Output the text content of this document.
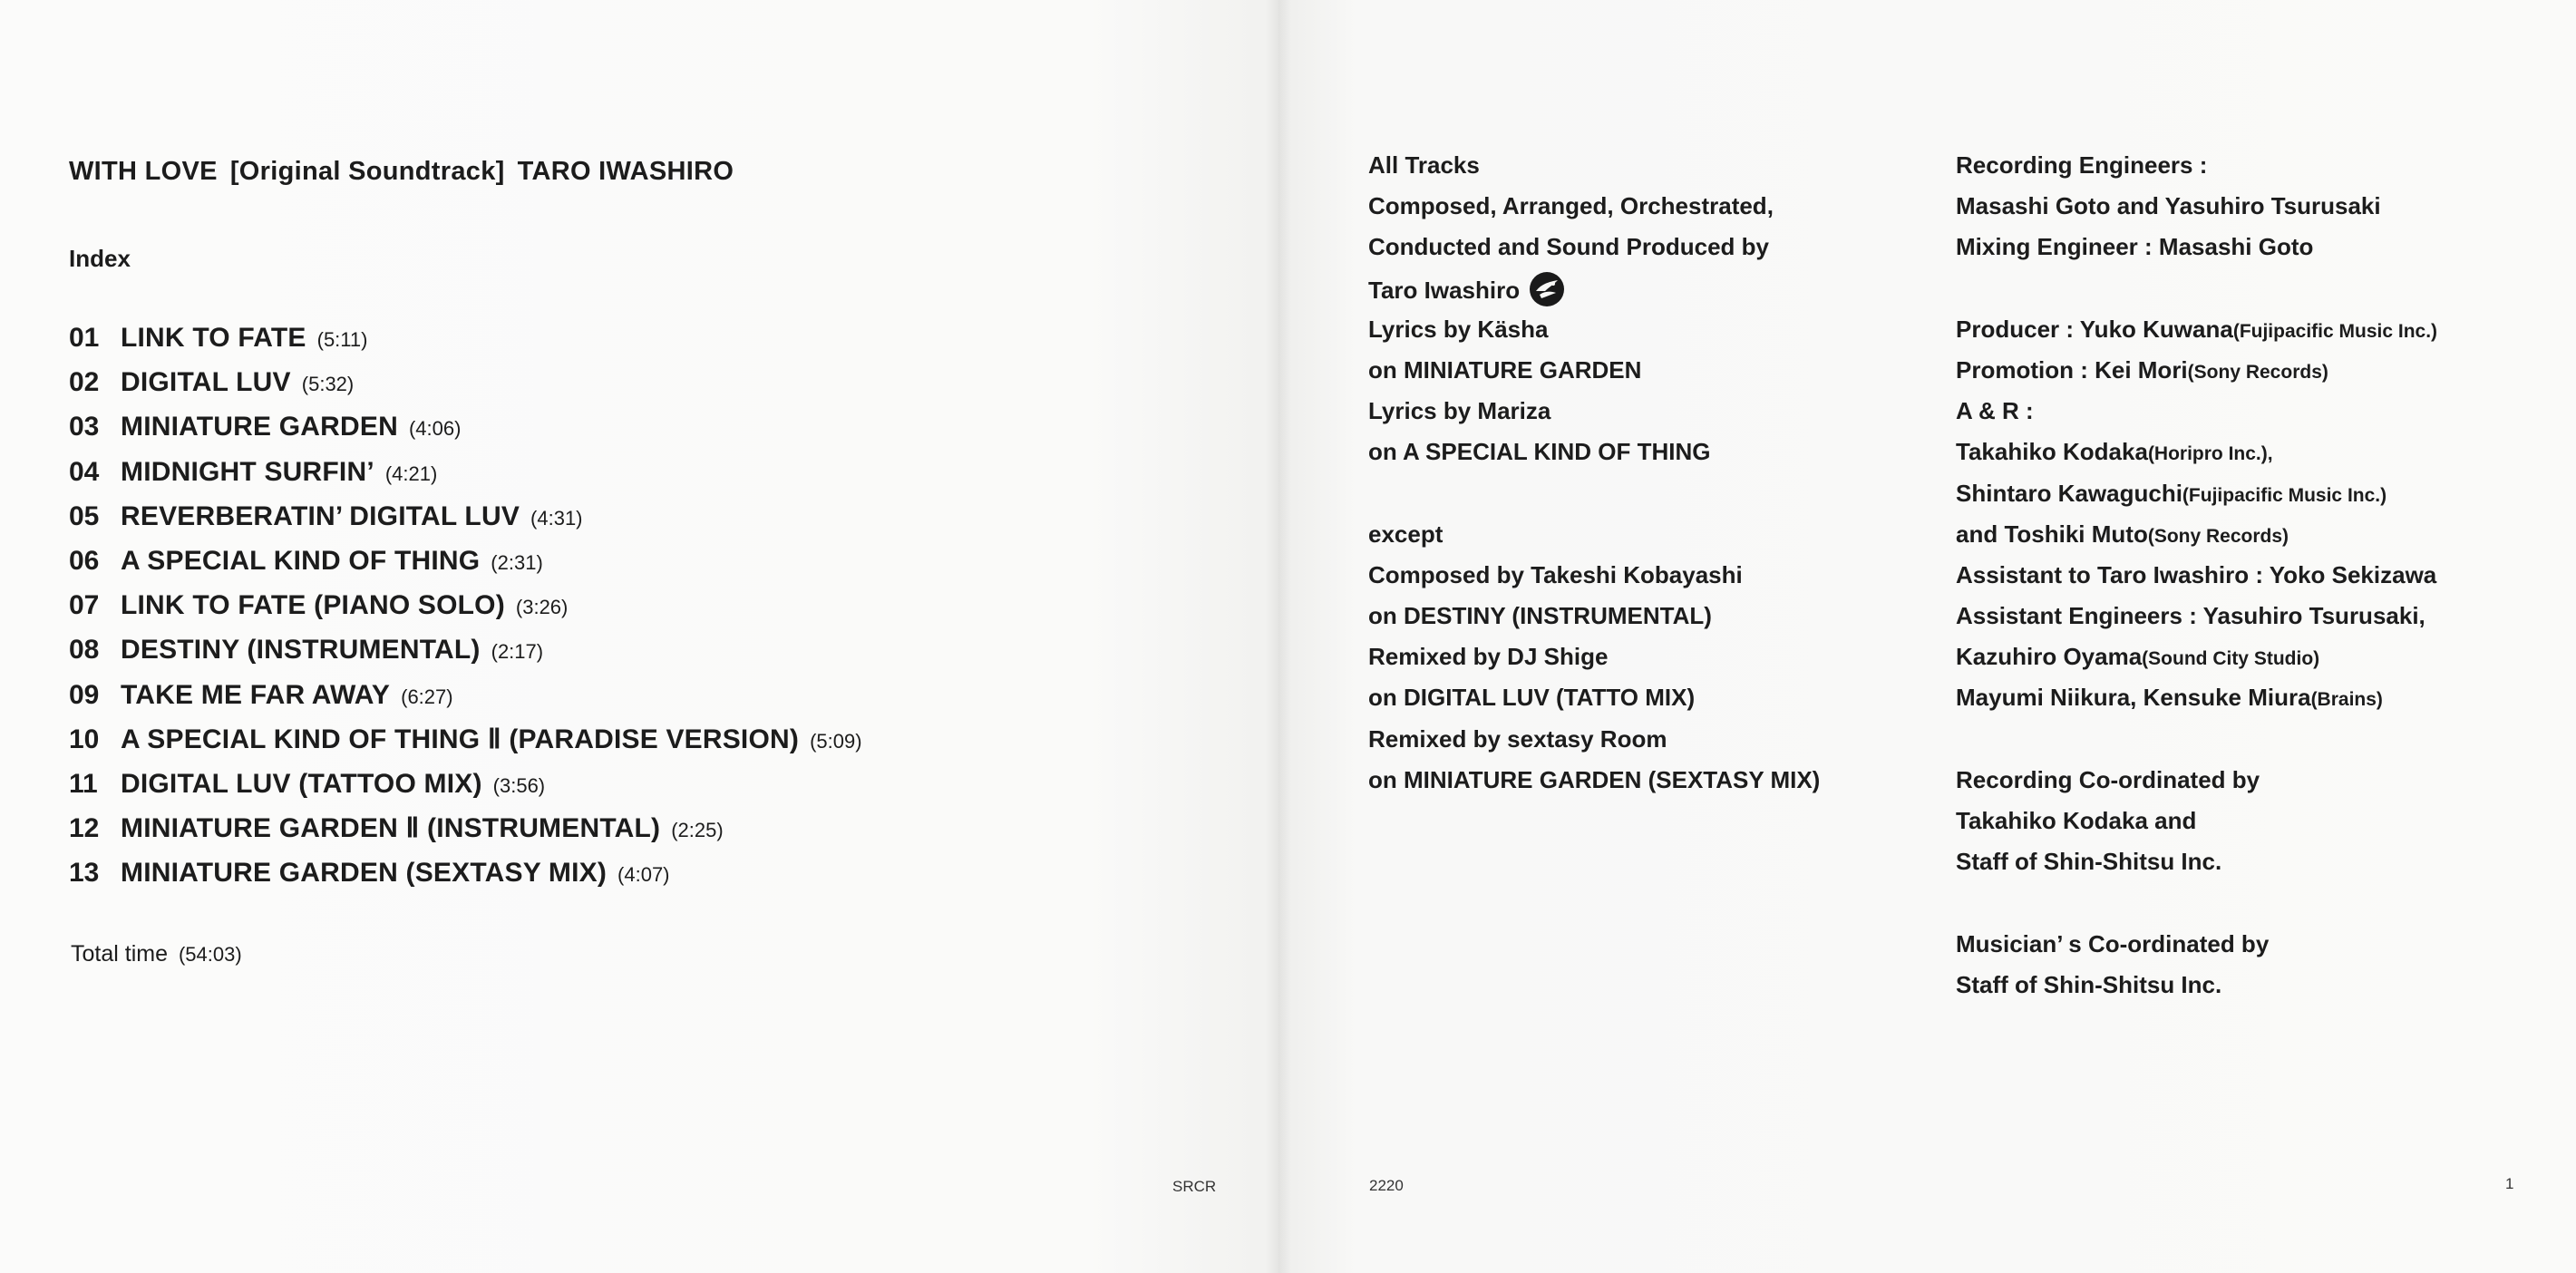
WITH LOVE [Original Soundtrack] TARO IWASHIRO
Index
01 LINK TO FATE (5:11)
02 DIGITAL LUV (5:32)
03 MINIATURE GARDEN (4:06)
04 MIDNIGHT SURFIN’ (4:21)
05 REVERBERATIN’ DIGITAL LUV (4:31)
06 A SPECIAL KIND OF THING (2:31)
07 LINK TO FATE (PIANO SOLO) (3:26)
08 DESTINY (INSTRUMENTAL) (2:17)
09 TAKE ME FAR AWAY (6:27)
10 A SPECIAL KIND OF THING Ⅱ (PARADISE VERSION) (5:09)
11 DIGITAL LUV (TATTOO MIX) (3:56)
12 MINIATURE GARDEN Ⅱ (INSTRUMENTAL) (2:25)
13 MINIATURE GARDEN (SEXTASY MIX) (4:07)
Total time (54:03)
SRCR
All Tracks
Composed, Arranged, Orchestrated,
Conducted and Sound Produced by
Taro Iwashiro
Lyrics by Käsha
on MINIATURE GARDEN
Lyrics by Mariza
on A SPECIAL KIND OF THING
except
Composed by Takeshi Kobayashi
on DESTINY (INSTRUMENTAL)
Remixed by DJ Shige
on DIGITAL LUV (TATTO MIX)
Remixed by sextasy Room
on MINIATURE GARDEN (SEXTASY MIX)
Recording Engineers :
Masashi Goto and Yasuhiro Tsurusaki
Mixing Engineer : Masashi Goto
Producer : Yuko Kuwana(Fujipacific Music Inc.)
Promotion : Kei Mori(Sony Records)
A & R :
Takahiko Kodaka(Horipro Inc.),
Shintaro Kawaguchi(Fujipacific Music Inc.)
and Toshiki Muto(Sony Records)
Assistant to Taro Iwashiro : Yoko Sekizawa
Assistant Engineers : Yasuhiro Tsurusaki,
Kazuhiro Oyama(Sound City Studio)
Mayumi Niikura, Kensuke Miura(Brains)
Recording Co-ordinated by
Takahiko Kodaka and
Staff of Shin-Shitsu Inc.
Musician’ s Co-ordinated by
Staff of Shin-Shitsu Inc.
2220	1
